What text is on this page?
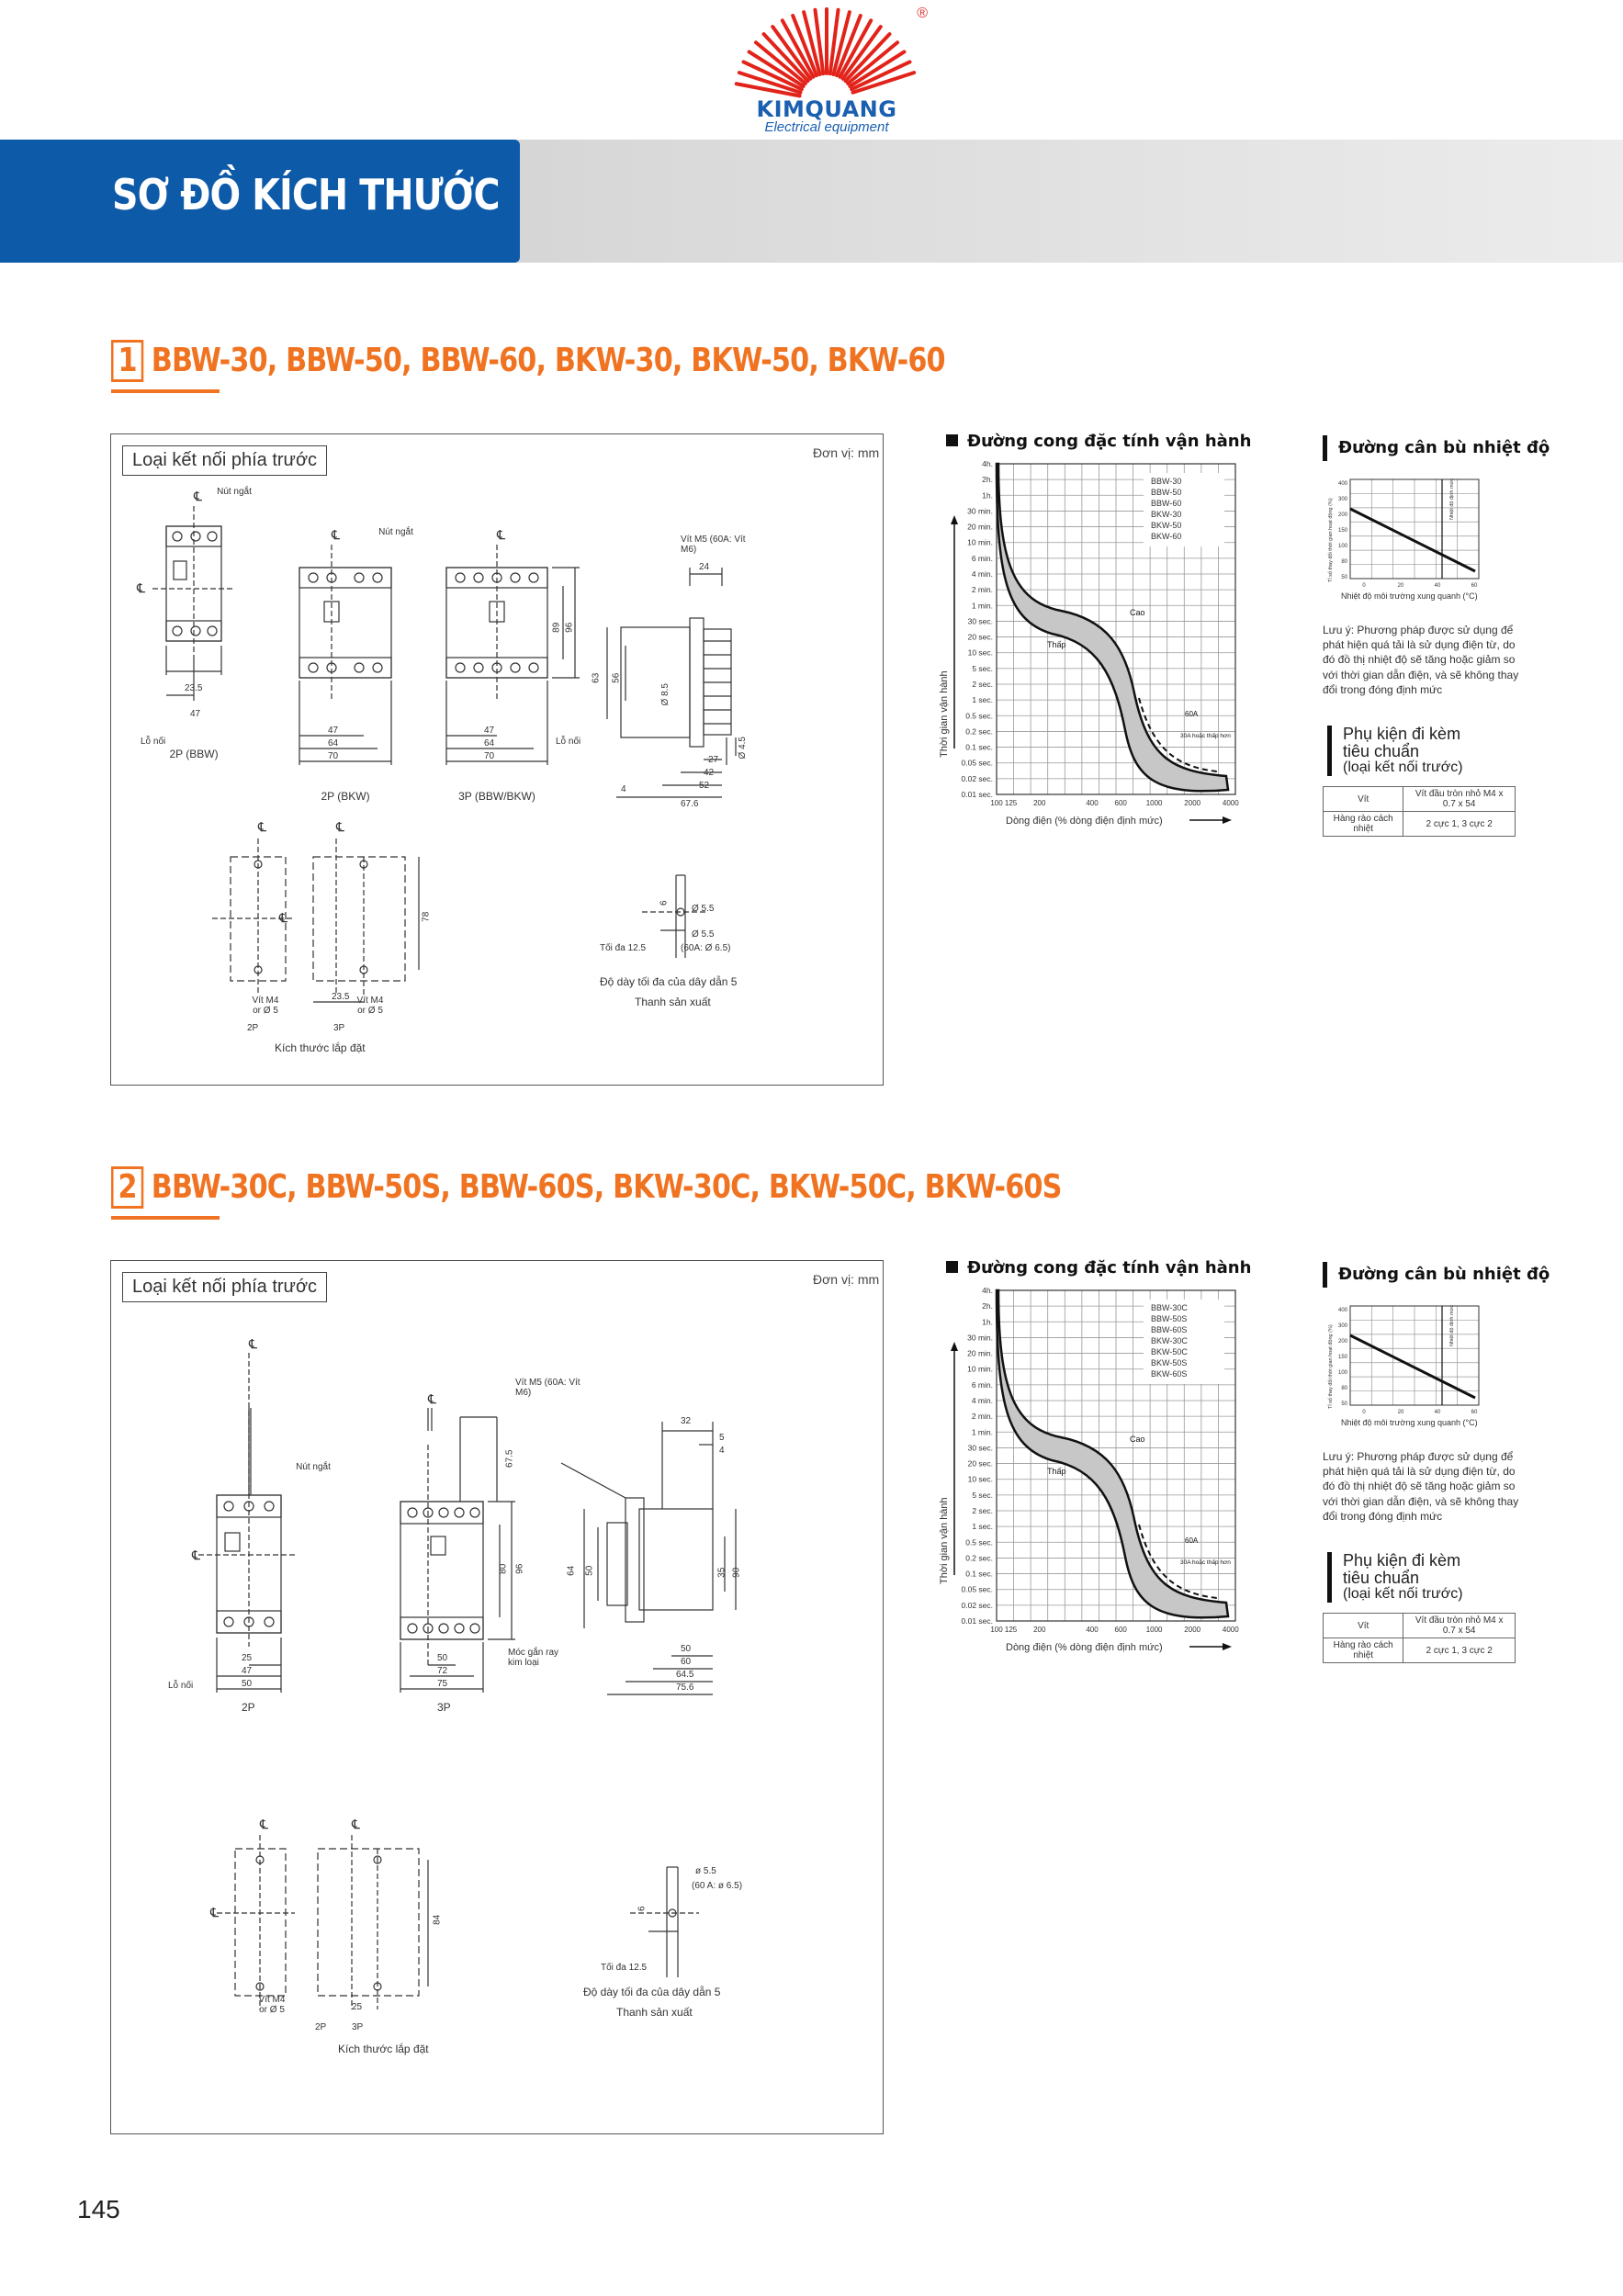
®
KIMQUANG
Electrical equipment
SƠ ĐỒ KÍCH THƯỚC
1 BBW-30, BBW-50, BBW-60, BKW-30, BKW-50, BKW-60
Loại kết nối phía trước	Đơn vị: mm
℄
℄
℄	℄
℄	℄
℄
Nút ngắt
Nút ngắt
Lỗ nối	Lỗ nối
Vít M5 (60A: Vít M6)
23.5
47
2P (BBW)
47
64
70
2P (BKW)
47
64
70
3P (BBW/BKW)
89 96
24
63 56
Ø 8.5
Ø 4.5
27
42
52
67.6
4
78
Vít M4 or Ø 5
23.5 Vít M4 or Ø 5
2P	3P
Kích thước lắp đặt
6
Ø 5.5
Ø 5.5
(60A: Ø 6.5)
Tối đa 12.5
Độ dày tối đa của dây dẫn 5
Thanh sản xuất
Đường cong đặc tính vận hành	Đường cân bù nhiệt độ
4h.
2h.
1h.
30 min.
20 min.
10 min.
6 min.
4 min.
2 min.
1 min.
30 sec.
20 sec.
10 sec.
5 sec.
2 sec.
1 sec.
0.5 sec.
0.2 sec.
0.1 sec.
0.05 sec.
0.02 sec.
0.01 sec.
100 125 200	400 600	1000	2000	4000
Thời gian vận hành
Dòng điện (% dòng điện định mức)
Cao
Thấp
60A
30A hoặc thấp hơn
BBW-30
BBW-50
BBW-60
BKW-30
BKW-50
BKW-60
400
300
200
150
100
80
50
0	20	40	60
Nhiệt độ định mức
Tỉ số thay đổi thời gian hoạt động (%)
Nhiệt độ môi trường xung quanh (°C)
Lưu ý: Phương pháp được sử dụng để phát hiện quá tải là sử dụng điện từ, do đó đồ thị nhiệt độ sẽ tăng hoặc giảm so với thời gian dẫn điện, và sẽ không thay đổi trong đóng định mức
Phụ kiện đi kèm
tiêu chuẩn
(loại kết nối trước)
Vít	Vít đầu tròn nhỏ M4 x 0.7 x 54
Hàng rào cách nhiệt	2 cực 1, 3 cực 2
2 BBW-30C, BBW-50S, BBW-60S, BKW-30C, BKW-50C, BKW-60S
Loại kết nối phía trước	Đơn vị: mm
℄
℄
℄
℄	℄
℄
Nút ngắt
Lỗ nối
Vít M5 (60A: Vít M6)
Móc gắn ray kim loại
25
47
50
2P
50
72
75
3P
67.5
80 96
32
5
4
64 50	35 90
50
60
64.5
75.6
84
Vít M4 or Ø 5	25
2P	3P
Kích thước lắp đặt
ø 5.5
(60 A: ø 6.5)
6
Tối đa 12.5
Độ dày tối đa của dây dẫn 5
Thanh sản xuất
Đường cong đặc tính vận hành	Đường cân bù nhiệt độ
4h.
2h.
1h.
30 min.
20 min.
10 min.
6 min.
4 min.
2 min.
1 min.
30 sec.
20 sec.
10 sec.
5 sec.
2 sec.
1 sec.
0.5 sec.
0.2 sec.
0.1 sec.
0.05 sec.
0.02 sec.
0.01 sec.
100 125 200	400 600	1000	2000	4000
Thời gian vận hành
Dòng điện (% dòng điện định mức)
Cao
Thấp
60A
30A hoặc thấp hơn
BBW-30C
BBW-50S
BBW-60S
BKW-30C
BKW-50C
BKW-50S
BKW-60S
400
300
200
150
100
80
50
0	20	40	60
Nhiệt độ định mức
Tỉ số thay đổi thời gian hoạt động (%)
Nhiệt độ môi trường xung quanh (°C)
Lưu ý: Phương pháp được sử dụng để phát hiện quá tải là sử dụng điện từ, do đó đồ thị nhiệt độ sẽ tăng hoặc giảm so với thời gian dẫn điện, và sẽ không thay đổi trong đóng định mức
Phụ kiện đi kèm
tiêu chuẩn
(loại kết nối trước)
Vít	Vít đầu tròn nhỏ M4 x 0.7 x 54
Hàng rào cách nhiệt	2 cực 1, 3 cực 2
145
